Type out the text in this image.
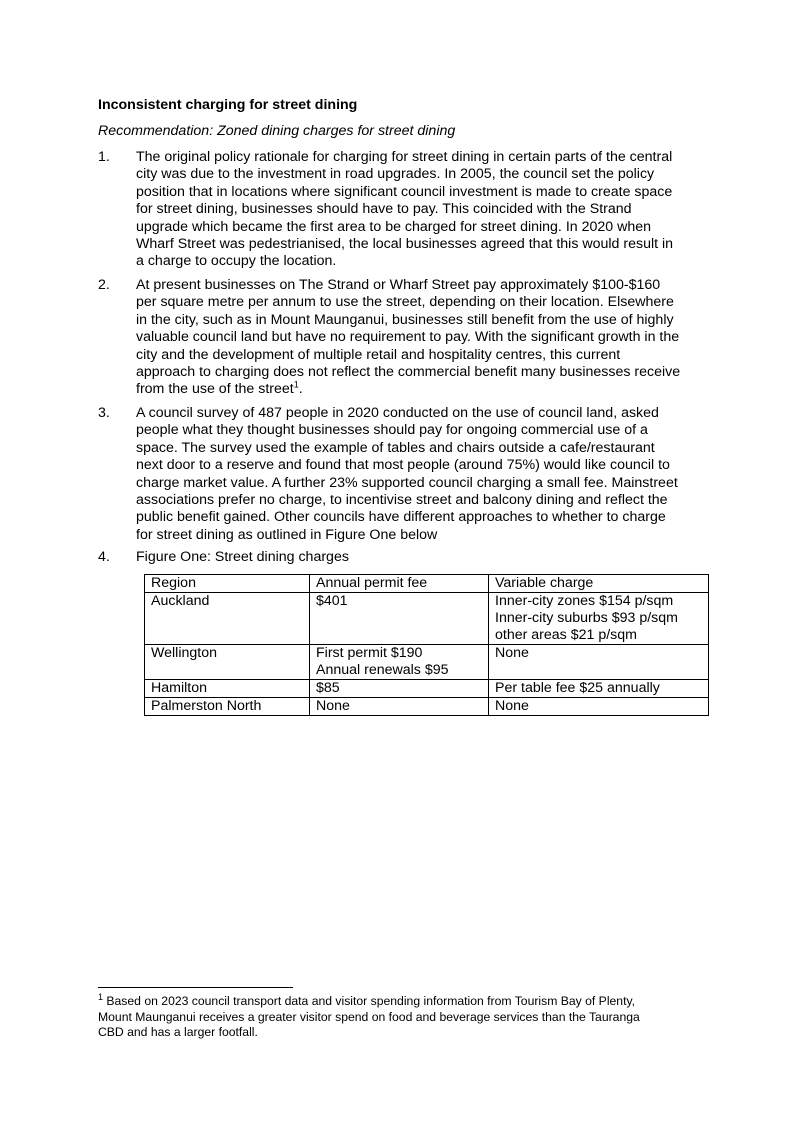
Inconsistent charging for street dining
Recommendation: Zoned dining charges for street dining
1. The original policy rationale for charging for street dining in certain parts of the central
city was due to the investment in road upgrades. In 2005, the council set the policy
position that in locations where significant council investment is made to create space
for street dining, businesses should have to pay. This coincided with the Strand
upgrade which became the first area to be charged for street dining. In 2020 when
Wharf Street was pedestrianised, the local businesses agreed that this would result in
a charge to occupy the location.
2. At present businesses on The Strand or Wharf Street pay approximately $100-$160
per square metre per annum to use the street, depending on their location. Elsewhere
in the city, such as in Mount Maunganui, businesses still benefit from the use of highly
valuable council land but have no requirement to pay. With the significant growth in the
city and the development of multiple retail and hospitality centres, this current
approach to charging does not reflect the commercial benefit many businesses receive
from the use of the street$^1$.
3. A council survey of 487 people in 2020 conducted on the use of council land, asked
people what they thought businesses should pay for ongoing commercial use of a
space. The survey used the example of tables and chairs outside a cafe/restaurant
next door to a reserve and found that most people (around 75%) would like council to
charge market value. A further 23% supported council charging a small fee. Mainstreet
associations prefer no charge, to incentivise street and balcony dining and reflect the
public benefit gained. Other councils have different approaches to whether to charge
for street dining as outlined in Figure One below
4. Figure One: Street dining charges
Region	Annual permit fee	Variable charge
Auckland	$401	Inner-city zones $154 p/sqm
Inner-city suburbs $93 p/sqm
other areas $21 p/sqm

Wellington	First permit $190
Annual renewals $95	None

Hamilton	$85	Per table fee $25 annually

Palmerston North	None	None
$^1$ Based on 2023 council transport data and visitor spending information from Tourism Bay of Plenty,
Mount Maunganui receives a greater visitor spend on food and beverage services than the Tauranga
CBD and has a larger footfall.
